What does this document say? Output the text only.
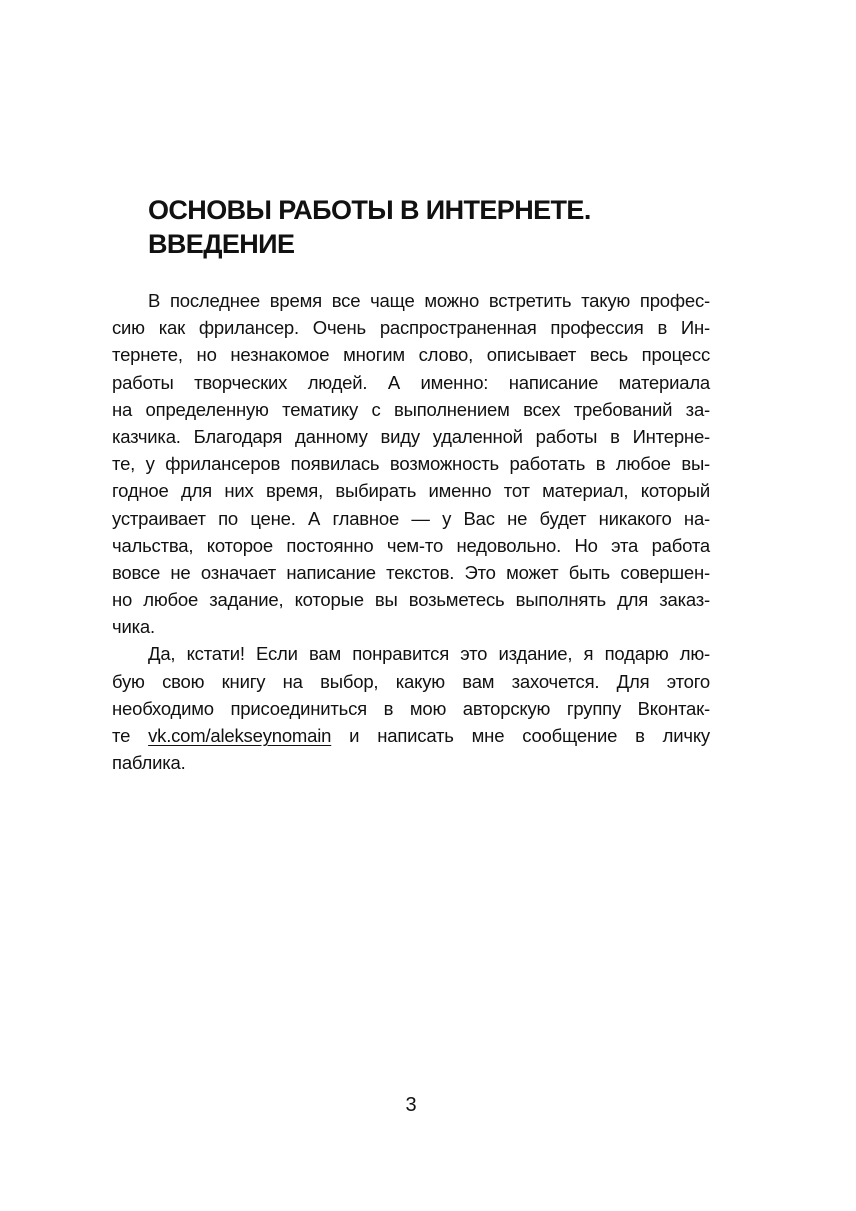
ОСНОВЫ РАБОТЫ В ИНТЕРНЕТЕ.
ВВЕДЕНИЕ

В последнее время все чаще можно встретить такую профес-
сию как фрилансер. Очень распространенная профессия в Ин-
тернете, но незнакомое многим слово, описывает весь процесс
работы творческих людей. А именно: написание материала
на определенную тематику с выполнением всех требований за-
казчика. Благодаря данному виду удаленной работы в Интерне-
те, у фрилансеров появилась возможность работать в любое вы-
годное для них время, выбирать именно тот материал, который
устраивает по цене. А главное — у Вас не будет никакого на-
чальства, которое постоянно чем-то недовольно. Но эта работа
вовсе не означает написание текстов. Это может быть совершен-
но любое задание, которые вы возьметесь выполнять для заказ-
чика.

Да, кстати! Если вам понравится это издание, я подарю лю-
бую свою книгу на выбор, какую вам захочется. Для этого
необходимо присоединиться в мою авторскую группу Вконтак-
те vk.com/alekseynomain и написать мне сообщение в личку
паблика.

3
